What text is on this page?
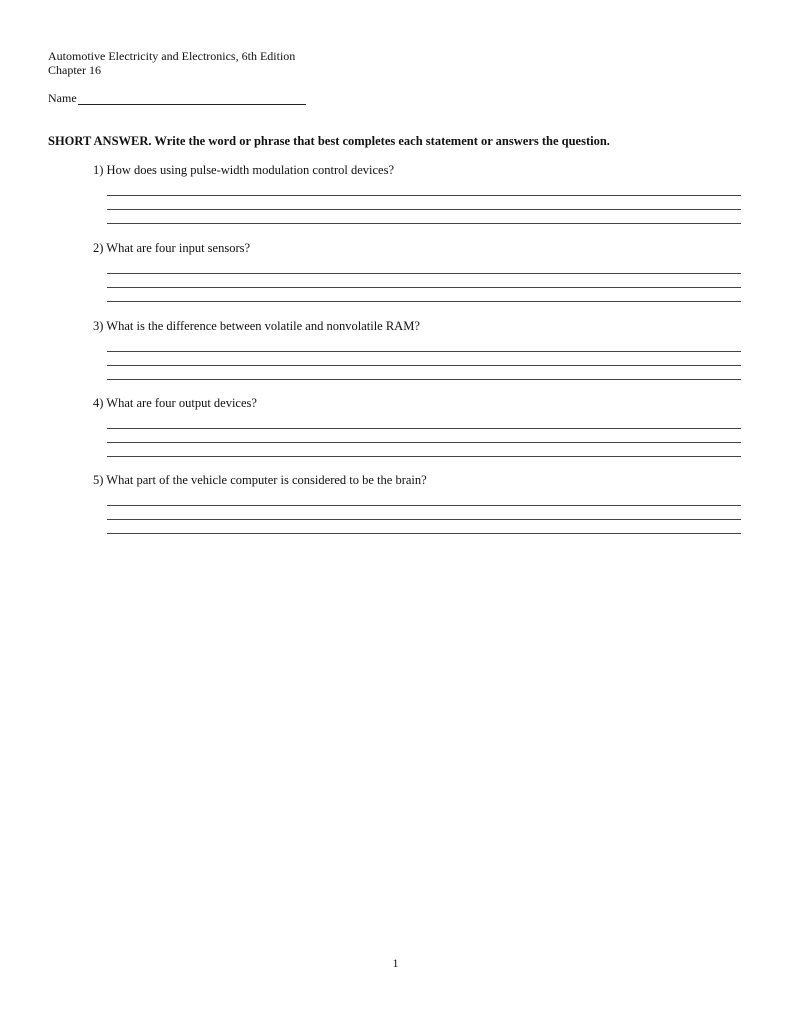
Automotive Electricity and Electronics, 6th Edition
Chapter 16
Name
SHORT ANSWER. Write the word or phrase that best completes each statement or answers the question.
1) How does using pulse-width modulation control devices?
2) What are four input sensors?
3) What is the difference between volatile and nonvolatile RAM?
4) What are four output devices?
5) What part of the vehicle computer is considered to be the brain?
1
